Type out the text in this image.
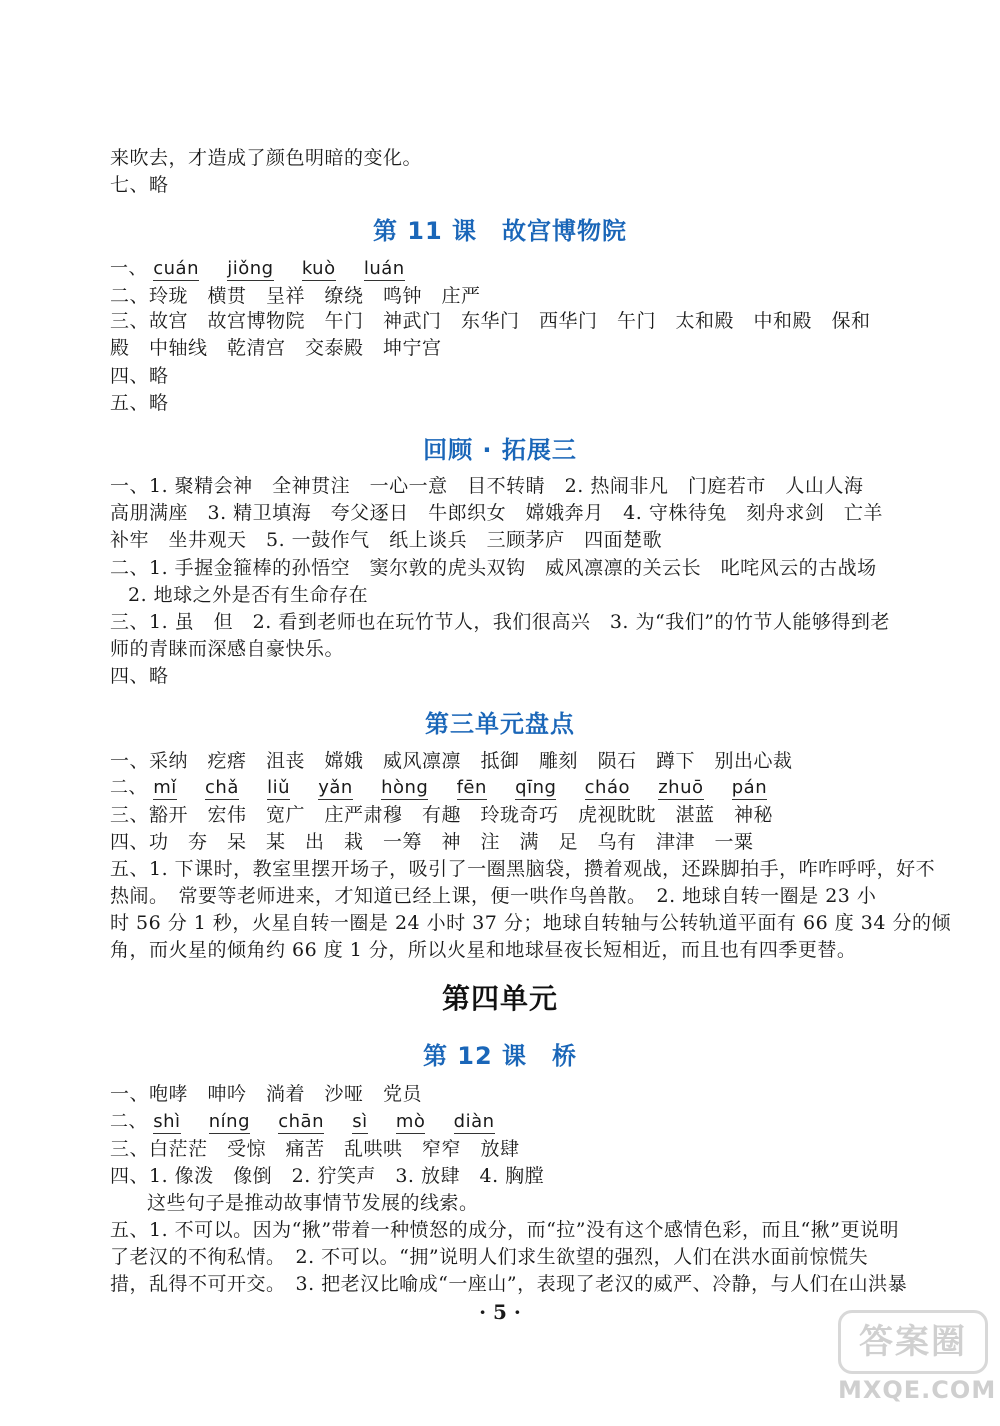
来吹去，才造成了颜色明暗的变化。
七、略
第 11 课　故宫博物院
一、 cuán jiǒng kuò luán
二、玲珑　横贯　呈祥　缭绕　鸣钟　庄严
三、故宫　故宫博物院　午门　神武门　东华门　西华门　午门　太和殿　中和殿　保和
殿　中轴线　乾清宫　交泰殿　坤宁宫
四、略
五、略
回顾 · 拓展三
一、1. 聚精会神　全神贯注　一心一意　目不转睛　2. 热闹非凡　门庭若市　人山人海
高朋满座　3. 精卫填海　夸父逐日　牛郎织女　嫦娥奔月　4. 守株待兔　刻舟求剑　亡羊
补牢　坐井观天　5. 一鼓作气　纸上谈兵　三顾茅庐　四面楚歌
二、1. 手握金箍棒的孙悟空　窦尔敦的虎头双钩　威风凛凛的关云长　叱咤风云的古战场
2. 地球之外是否有生命存在
三、1. 虽　但　2. 看到老师也在玩竹节人，我们很高兴　3. 为“我们”的竹节人能够得到老
师的青睐而深感自豪快乐。
四、略
第三单元盘点
一、采纳　疙瘩　沮丧　嫦娥　威风凛凛　抵御　雕刻　陨石　蹲下　别出心裁
二、 mǐ chǎ liǔ yǎn hòng fēn qīng cháo zhuō pán
三、豁开　宏伟　宽广　庄严肃穆　有趣　玲珑奇巧　虎视眈眈　湛蓝　神秘
四、功　夯　呆　某　出　栽　一筹　神　注　满　足　乌有　津津　一粟
五、1. 下课时，教室里摆开场子，吸引了一圈黑脑袋，攒着观战，还跺脚拍手，咋咋呼呼，好不
热闹。　常要等老师进来，才知道已经上课，便一哄作鸟兽散。　2. 地球自转一圈是 23 小
时 56 分 1 秒，火星自转一圈是 24 小时 37 分；地球自转轴与公转轨道平面有 66 度 34 分的倾
角，而火星的倾角约 66 度 1 分，所以火星和地球昼夜长短相近，而且也有四季更替。
第四单元
第 12 课　桥
一、咆哮　呻吟　淌着　沙哑　党员
二、 shì níng chān sì mò diàn
三、白茫茫　受惊　痛苦　乱哄哄　窄窄　放肆
四、1. 像泼　像倒　2. 狞笑声　3. 放肆　4. 胸膛
这些句子是推动故事情节发展的线索。
五、1. 不可以。因为“揪”带着一种愤怒的成分，而“拉”没有这个感情色彩，而且“揪”更说明
了老汉的不徇私情。　2. 不可以。“拥”说明人们求生欲望的强烈，人们在洪水面前惊慌失
措，乱得不可开交。　3. 把老汉比喻成“一座山”，表现了老汉的威严、冷静，与人们在山洪暴
· 5 ·
答案圈
MXQE.COM
